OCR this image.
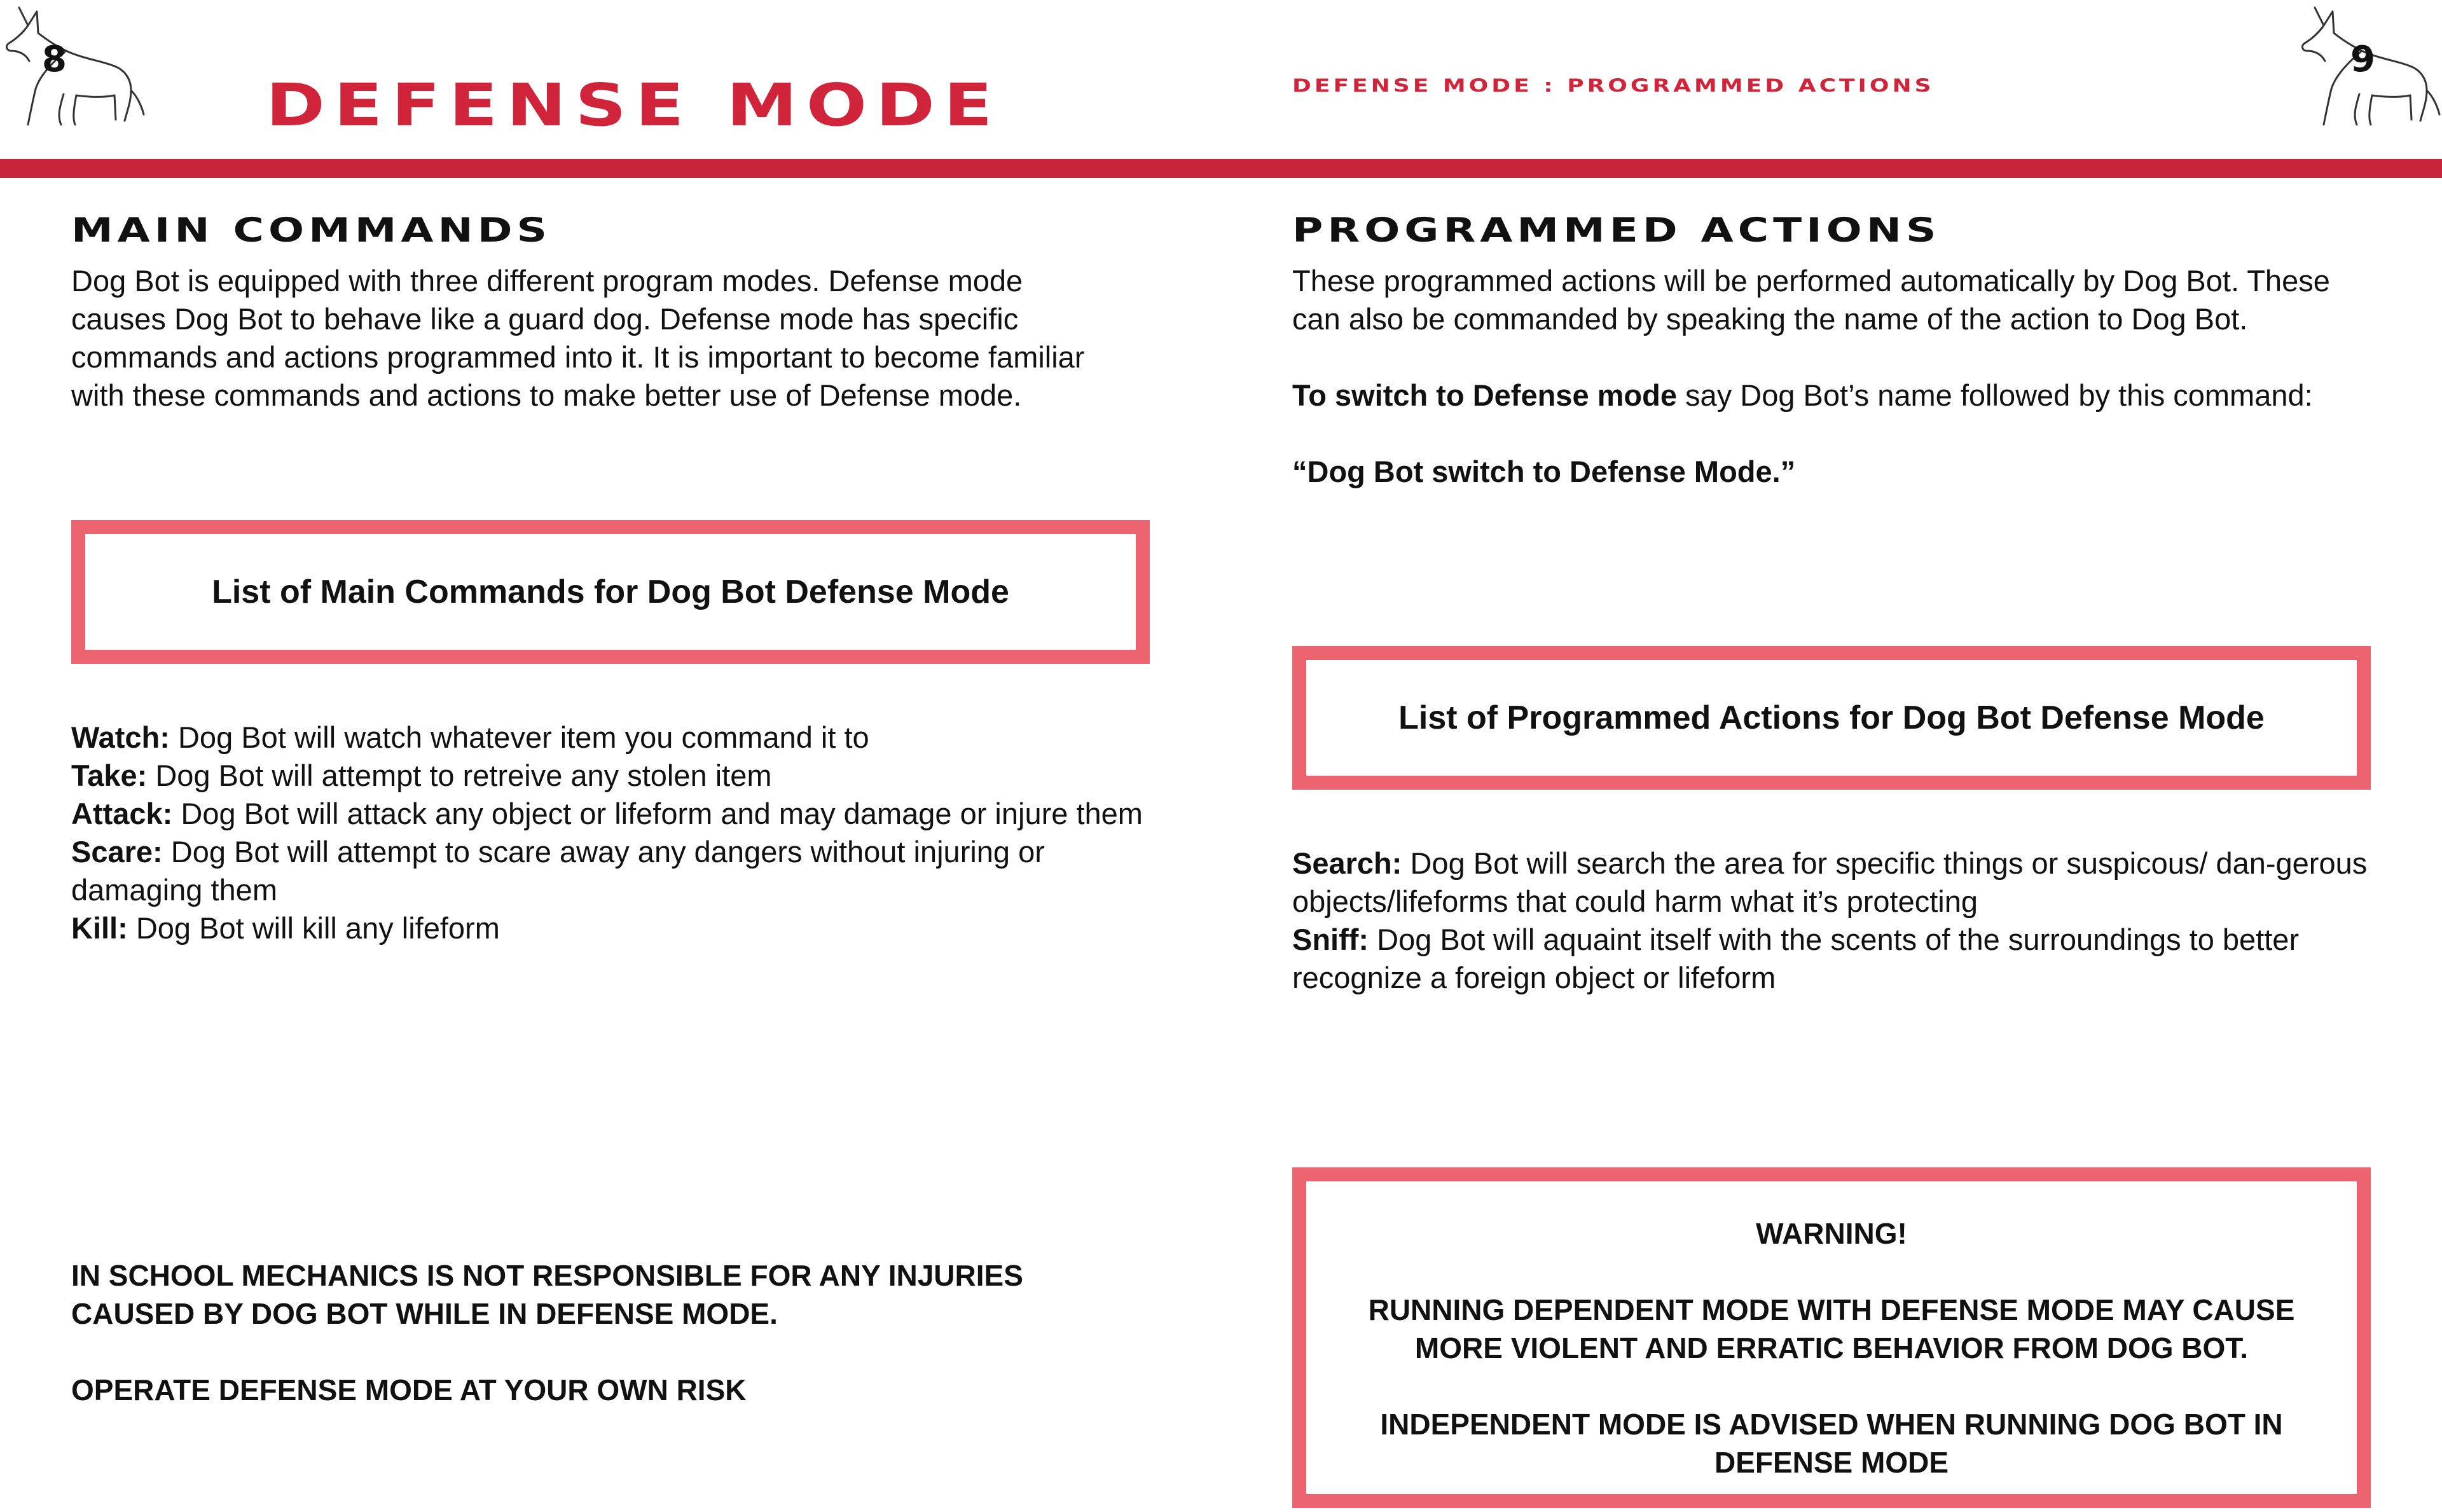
8	9
DEFENSE MODE	DEFENSE MODE : PROGRAMMED ACTIONS
MAIN COMMANDS

Dog Bot is equipped with three different program modes. Defense mode causes Dog Bot to behave like a guard dog. Defense mode has specific commands and actions programmed into it. It is important to become familiar with these commands and actions to make better use of Defense mode.

List of Main Commands for Dog Bot Defense Mode

Watch: Dog Bot will watch whatever item you command it to

Take: Dog Bot will attempt to retreive any stolen item

Attack: Dog Bot will attack any object or lifeform and may damage or injure them

Scare: Dog Bot will attempt to scare away any dangers without injuring or damaging them

Kill: Dog Bot will kill any lifeform

IN SCHOOL MECHANICS IS NOT RESPONSIBLE FOR ANY INJURIES CAUSED BY DOG BOT WHILE IN DEFENSE MODE.

OPERATE DEFENSE MODE AT YOUR OWN RISK

PROGRAMMED ACTIONS

These programmed actions will be performed automatically by Dog Bot. These can also be commanded by speaking the name of the action to Dog Bot.

To switch to Defense mode say Dog Bot’s name followed by this command:

“Dog Bot switch to Defense Mode.”

List of Programmed Actions for Dog Bot Defense Mode

Search: Dog Bot will search the area for specific things or suspicous/ dan-gerous objects/lifeforms that could harm what it’s protecting

Sniff: Dog Bot will aquaint itself with the scents of the surroundings to better recognize a foreign object or lifeform

WARNING!

RUNNING DEPENDENT MODE WITH DEFENSE MODE MAY CAUSE MORE VIOLENT AND ERRATIC BEHAVIOR FROM DOG BOT.

INDEPENDENT MODE IS ADVISED WHEN RUNNING DOG BOT IN DEFENSE MODE
